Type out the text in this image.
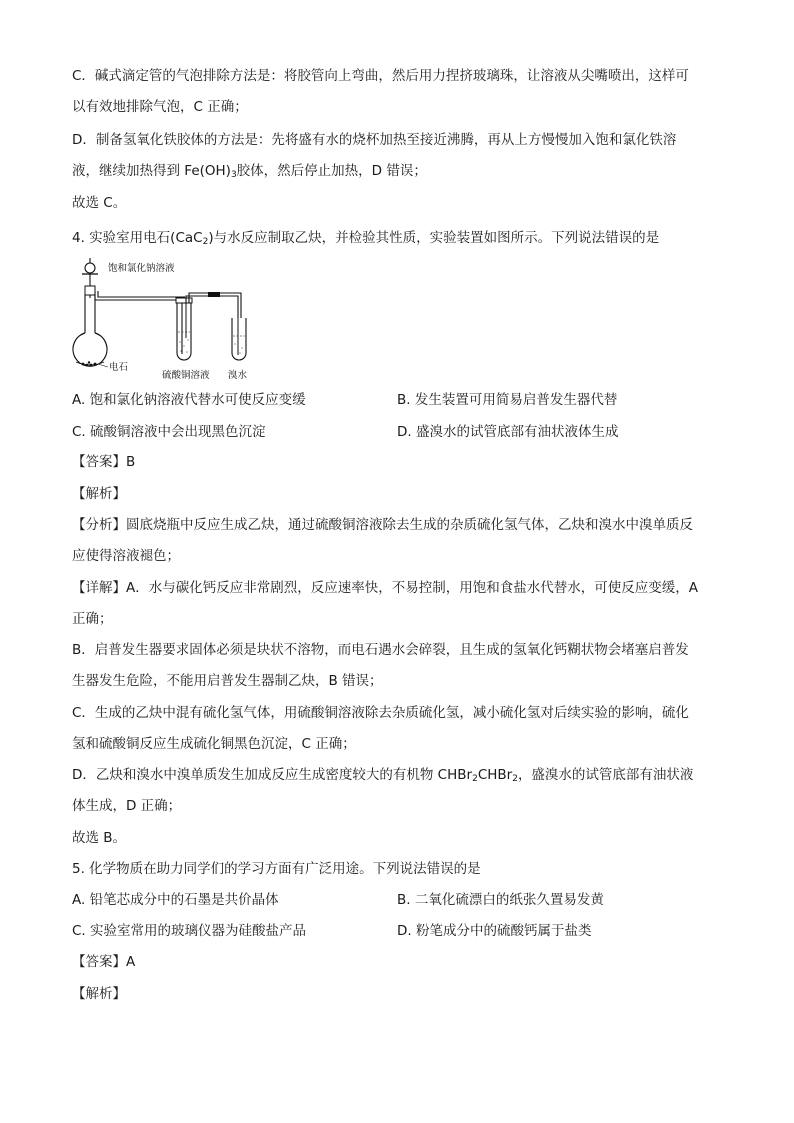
C．碱式滴定管的气泡排除方法是：将胶管向上弯曲，然后用力捏挤玻璃珠，让溶液从尖嘴喷出，这样可
以有效地排除气泡，C 正确；
D．制备氢氧化铁胶体的方法是：先将盛有水的烧杯加热至接近沸腾，再从上方慢慢加入饱和氯化铁溶
液，继续加热得到 $Fe(OH)_3$胶体，然后停止加热，D 错误；
故选 C。
4. 实验室用电石(CaC$_2$)与水反应制取乙炔，并检验其性质，实验装置如图所示。下列说法错误的是
饱和氯化钠溶液
电石
硫酸铜溶液 溴水
A. 饱和氯化钠溶液代替水可使反应变缓	B. 发生装置可用简易启普发生器代替
C. 硫酸铜溶液中会出现黑色沉淀	D. 盛溴水的试管底部有油状液体生成
【答案】B
【解析】
【分析】圆底烧瓶中反应生成乙炔，通过硫酸铜溶液除去生成的杂质硫化氢气体，乙炔和溴水中溴单质反
应使得溶液褪色；
【详解】A．水与碳化钙反应非常剧烈，反应速率快，不易控制，用饱和食盐水代替水，可使反应变缓，A
正确；
B．启普发生器要求固体必须是块状不溶物，而电石遇水会碎裂，且生成的氢氧化钙糊状物会堵塞启普发
生器发生危险，不能用启普发生器制乙炔，B 错误；
C．生成的乙炔中混有硫化氢气体，用硫酸铜溶液除去杂质硫化氢，减小硫化氢对后续实验的影响，硫化
氢和硫酸铜反应生成硫化铜黑色沉淀，C 正确；
D．乙炔和溴水中溴单质发生加成反应生成密度较大的有机物 CHBr$_2$CHBr$_2$，盛溴水的试管底部有油状液
体生成，D 正确；
故选 B。
5. 化学物质在助力同学们的学习方面有广泛用途。下列说法错误的是
A. 铅笔芯成分中的石墨是共价晶体	B. 二氧化硫漂白的纸张久置易发黄
C. 实验室常用的玻璃仪器为硅酸盐产品	D. 粉笔成分中的硫酸钙属于盐类
【答案】A
【解析】
